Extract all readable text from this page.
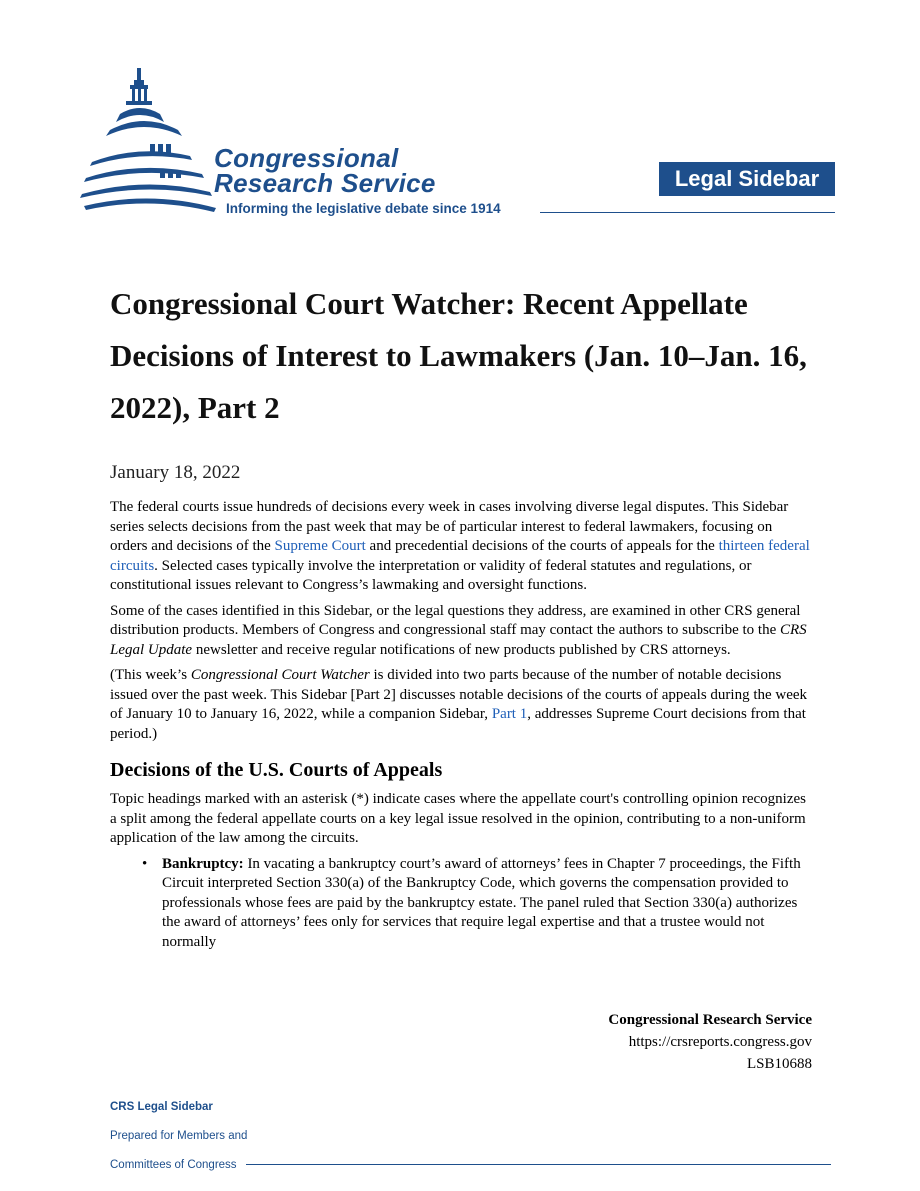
Congressional
Research Service
Informing the legislative debate since 1914
Legal Sidebar
Congressional Court Watcher: Recent Appellate Decisions of Interest to Lawmakers (Jan. 10–Jan. 16, 2022), Part 2
January 18, 2022

The federal courts issue hundreds of decisions every week in cases involving diverse legal disputes. This Sidebar series selects decisions from the past week that may be of particular interest to federal lawmakers, focusing on orders and decisions of the Supreme Court and precedential decisions of the courts of appeals for the thirteen federal circuits. Selected cases typically involve the interpretation or validity of federal statutes and regulations, or constitutional issues relevant to Congress’s lawmaking and oversight functions.

Some of the cases identified in this Sidebar, or the legal questions they address, are examined in other CRS general distribution products. Members of Congress and congressional staff may contact the authors to subscribe to the CRS Legal Update newsletter and receive regular notifications of new products published by CRS attorneys.

(This week’s Congressional Court Watcher is divided into two parts because of the number of notable decisions issued over the past week. This Sidebar [Part 2] discusses notable decisions of the courts of appeals during the week of January 10 to January 16, 2022, while a companion Sidebar, Part 1, addresses Supreme Court decisions from that period.)

Decisions of the U.S. Courts of Appeals

Topic headings marked with an asterisk (*) indicate cases where the appellate court's controlling opinion recognizes a split among the federal appellate courts on a key legal issue resolved in the opinion, contributing to a non-uniform application of the law among the circuits.

• Bankruptcy: In vacating a bankruptcy court’s award of attorneys’ fees in Chapter 7 proceedings, the Fifth Circuit interpreted Section 330(a) of the Bankruptcy Code, which governs the compensation provided to professionals whose fees are paid by the bankruptcy estate. The panel ruled that Section 330(a) authorizes the award of attorneys’ fees only for services that require legal expertise and that a trustee would not normally
Congressional Research Service
https://crsreports.congress.gov
LSB10688
CRS Legal Sidebar
Prepared for Members and
Committees of Congress
